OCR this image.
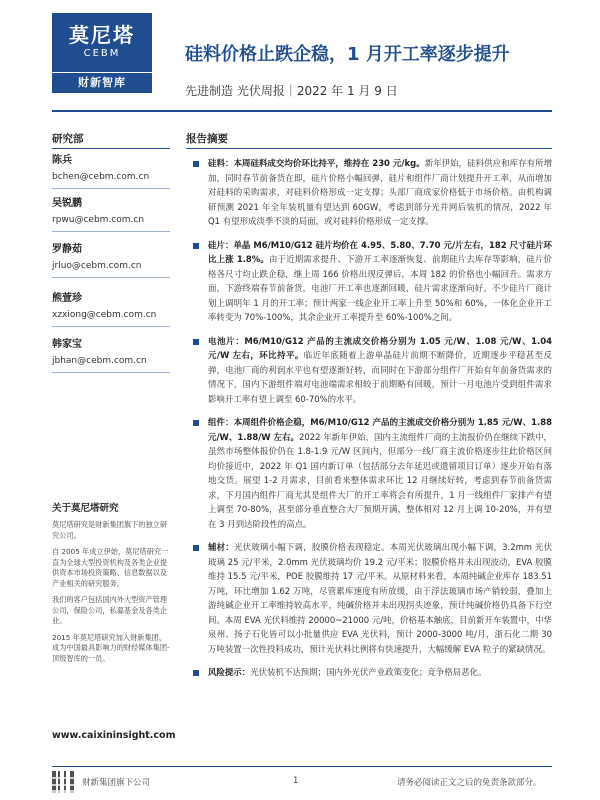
莫尼塔
CEBM
财新智库
硅料价格止跌企稳，1 月开工率逐步提升
先进制造 光伏周报｜2022 年 1 月 9 日
研究部	报告摘要
陈兵
bchen@cebm.com.cn
吴锐鹏
rpwu@cebm.com.cn
罗静茹
jrluo@cebm.com.cn
熊萱珍
xzxiong@cebm.com.cn
韩家宝
jbhan@cebm.com.cn
关于莫尼塔研究

莫尼塔研究是财新集团旗下的独立研究公司。

自 2005 年成立伊始，莫尼塔研究一直为全球大型投资机构及各类企业提供资本市场投资策略、信息数据以及产业相关的研究服务。

我们的客户包括国内外大型资产管理公司，保险公司，私募基金及各类企业。

2015 年莫尼塔研究加入财新集团，成为中国最具影响力的财经媒体集团-顶级智库的一员。

www.caixininsight.com
硅料：本周硅料成交均价环比持平，维持在 230 元/kg。新年伊始，硅料供应和库存有所增加，同时春节前备货在即，硅片价格小幅回弹，硅片和组件厂商计划提升开工率，从而增加对硅料的采购需求，对硅料价格形成一定支撑；头部厂商成家价格低于市场价格。由机构调研预测 2021 年全年装机量有望达到 60GW，考虑到部分光并网后装机的情况，2022 年 Q1 有望形成淡季不淡的局面，或对硅料价格形成一定支撑。
硅片：单晶 M6/M10/G12 硅片均价在 4.95、5.80、7.70 元/片左右，182 尺寸硅片环比上涨 1.8%。由于近期需求提升、下游开工率逐渐恢复、前期硅片去库存等影响，硅片价格各尺寸均止跌企稳，继上周 166 价格出现反弹后，本周 182 的价格也小幅回升。需求方面，下游终端春节前备货，电池厂开工率也逐渐回暖，硅片需求逐渐向好。不少硅片厂商计划上调明年 1 月的开工率；预计两家一线企业开工率上升至 50%和 60%，一体化企业开工率转变为 70%-100%，其余企业开工率提升至 60%-100%之间。
电池片：M6/M10/G12 产品的主流成交价格分别为 1.05 元/W、1.08 元/W、1.04 元/W 左右，环比持平。临近年底随着上游单晶硅片前期不断降价，近期逐步平稳甚至反弹，电池厂商的利润水平也有望逐渐好转，而同时在下游部分组件厂开始有年前备货需求的情况下，国内下游组件端对电池端需求相较于前期略有回暖，预计一月电池片受到组件需求影响开工率有望上调至 60-70%的水平。
组件：本周组件价格企稳，M6/M10/G12 产品的主流成交价格分别为 1.85 元/W、1.88 元/W、1.88/W 左右。2022 年新年伊始，国内主流组件厂商的主流报价仍在继续下跌中，虽然市场整体报价仍在 1.8-1.9 元/W 区间内，但部分一线厂商主流价格逐步往此价格区间均价接近中，2022 年 Q1 国内新订单（包括部分去年延迟或遗留项目订单）逐步开始有落地交货。展望 1-2 月需求，目前看来整体需求环比 12 月继续好转，考虑到春节前备货需求，下月国内组件厂商尤其是组件大厂的开工率将会有所提升，1 月一线组件厂家排产有望上调至 70-80%，甚至部分垂直整合大厂预期开满，整体相对 12 月上调 10-20%，并有望在 3 月到达阶段性的高点。
辅材：光伏玻璃小幅下调，胶膜价格表现稳定。本周光伏玻璃出现小幅下调，3.2mm 光伏玻璃 25 元/平米，2.0mm 光伏玻璃均价 19.2 元/平米；胶膜价格并未出现波动，EVA 胶膜维持 15.5 元/平米，POE 胶膜维持 17 元/平米。从原材料来看，本周纯碱企业库存 183.51 万吨，环比增加 1.62 万吨，尽管累库速度有所放缓，由于浮法玻璃市场产销较弱，叠加上游纯碱企业开工率维持较高水平，纯碱价格并未出现拐头迹象，预计纯碱价格仍具备下行空间。本周 EVA 光伏料维持 20000~21000 元/吨，价格基本触底，目前新开车装置中，中华泉州、扬子石化皆可以小批量供应 EVA 光伏料，预计 2000-3000 吨/月，浙石化二期 30 万吨装置一次性投料成功，预计光伏料比例将有快速提升，大幅缓解 EVA 粒子的紧缺情况。
风险提示：光伏装机不达预期；国内外光伏产业政策变化；竞争格局恶化。
财新集团旗下公司	1	请务必阅读正文之后的免责条款部分。
